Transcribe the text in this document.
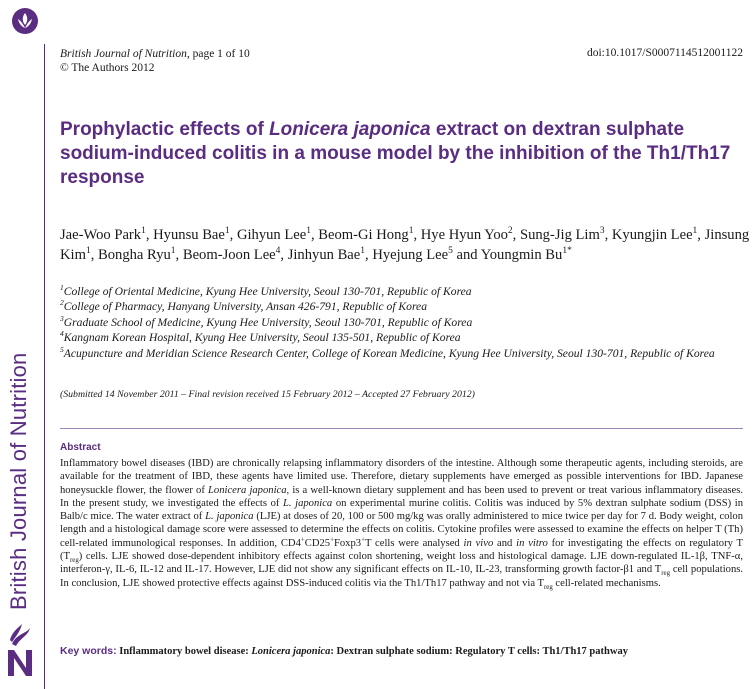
British Journal of Nutrition
British Journal of Nutrition, page 1 of 10
© The Authors 2012
doi:10.1017/S0007114512001122
Prophylactic effects of Lonicera japonica extract on dextran sulphate sodium-induced colitis in a mouse model by the inhibition of the Th1/Th17 response
Jae-Woo Park$^1$, Hyunsu Bae$^1$, Gihyun Lee$^1$, Beom-Gi Hong$^1$, Hye Hyun Yoo$^2$, Sung-Jig Lim$^3$, Kyungjin Lee$^1$, Jinsung Kim$^1$, Bongha Ryu$^1$, Beom-Joon Lee$^4$, Jinhyun Bae$^1$, Hyejung Lee$^5$ and Youngmin $Bu^{1*}$
$^1$College of Oriental Medicine, Kyung Hee University, Seoul 130-701, Republic of Korea
$^2$College of Pharmacy, Hanyang University, Ansan 426-791, Republic of Korea
$^3$Graduate School of Medicine, Kyung Hee University, Seoul 130-701, Republic of Korea
$^4$Kangnam Korean Hospital, Kyung Hee University, Seoul 135-501, Republic of Korea
$^5$Acupuncture and Meridian Science Research Center, College of Korean Medicine, Kyung Hee University, Seoul 130-701, Republic of Korea
(Submitted 14 November 2011 – Final revision received 15 February 2012 – Accepted 27 February 2012)
Abstract
Inflammatory bowel diseases (IBD) are chronically relapsing inflammatory disorders of the intestine. Although some therapeutic agents, including steroids, are available for the treatment of IBD, these agents have limited use. Therefore, dietary supplements have emerged as possible interventions for IBD. Japanese honeysuckle flower, the flower of Lonicera japonica, is a well-known dietary supplement and has been used to prevent or treat various inflammatory diseases. In the present study, we investigated the effects of L. japonica on experimental murine colitis. Colitis was induced by 5% dextran sulphate sodium (DSS) in Balb/c mice. The water extract of L. japonica (LJE) at doses of 20, 100 or 500 mg/kg was orally administered to mice twice per day for 7 d. Body weight, colon length and a histological damage score were assessed to determine the effects on colitis. Cytokine profiles were assessed to examine the effects on helper T (Th) cell-related immunological responses. In addition, CD4+CD25+Foxp3+T cells were analysed in vivo and in vitro for investigating the effects on regulatory T $(T_{reg})$ cells. LJE showed dose-dependent inhibitory effects against colon shortening, weight loss and histological damage. LJE down-regulated IL-1β, TNF-α, interferon-γ, IL-6, IL-12 and IL-17. However, LJE did not show any significant effects on IL-10, IL-23, transforming growth factor-β1 and $T_{reg}$ cell populations. In conclusion, LJE showed protective effects against DSS-induced colitis via the Th1/Th17 pathway and not via $T_{reg}$ cell-related mechanisms.
Key words: Inflammatory bowel disease: Lonicera japonica: Dextran sulphate sodium: Regulatory T cells: Th1/Th17 pathway
